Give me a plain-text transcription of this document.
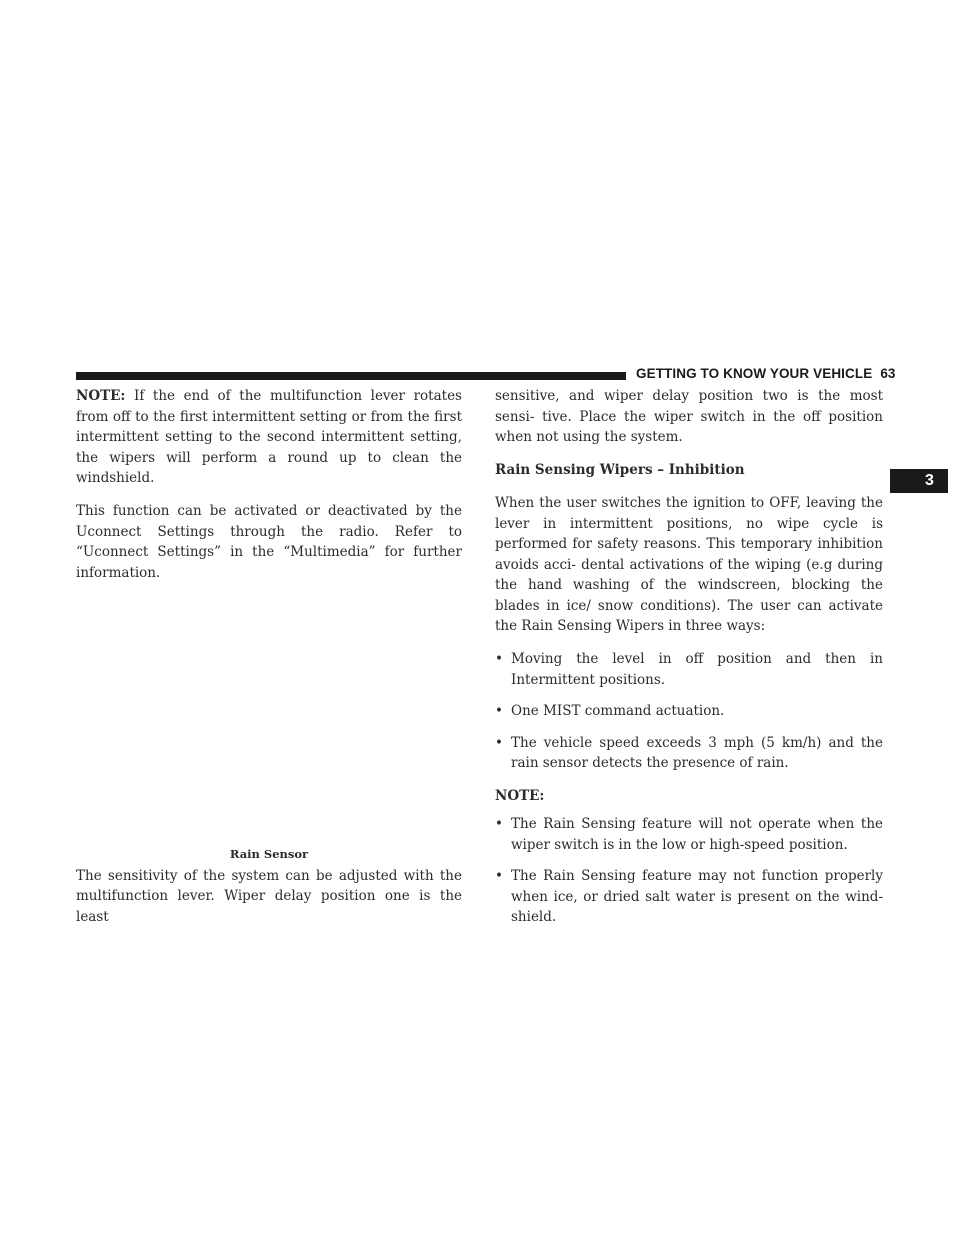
GETTING TO KNOW YOUR VEHICLE 63
3

NOTE: If the end of the multifunction lever rotates from off to the first intermittent setting or from the first intermittent setting to the second intermittent setting, the wipers will perform a round up to clean the windshield.

This function can be activated or deactivated by the Uconnect Settings through the radio. Refer to “Uconnect Settings” in the “Multimedia” for further information.

Rain Sensor

The sensitivity of the system can be adjusted with the multifunction lever. Wiper delay position one is the least

sensitive, and wiper delay position two is the most sensi- tive. Place the wiper switch in the off position when not using the system.

Rain Sensing Wipers – Inhibition

When the user switches the ignition to OFF, leaving the lever in intermittent positions, no wipe cycle is performed for safety reasons. This temporary inhibition avoids acci- dental activations of the wiping (e.g during the hand washing of the windscreen, blocking the blades in ice/ snow conditions). The user can activate the Rain Sensing Wipers in three ways:

• Moving the level in off position and then in Intermittent positions.
• One MIST command actuation.
• The vehicle speed exceeds 3 mph (5 km/h) and the rain sensor detects the presence of rain.
NOTE:
• The Rain Sensing feature will not operate when the wiper switch is in the low or high-speed position.
• The Rain Sensing feature may not function properly when ice, or dried salt water is present on the wind- shield.
